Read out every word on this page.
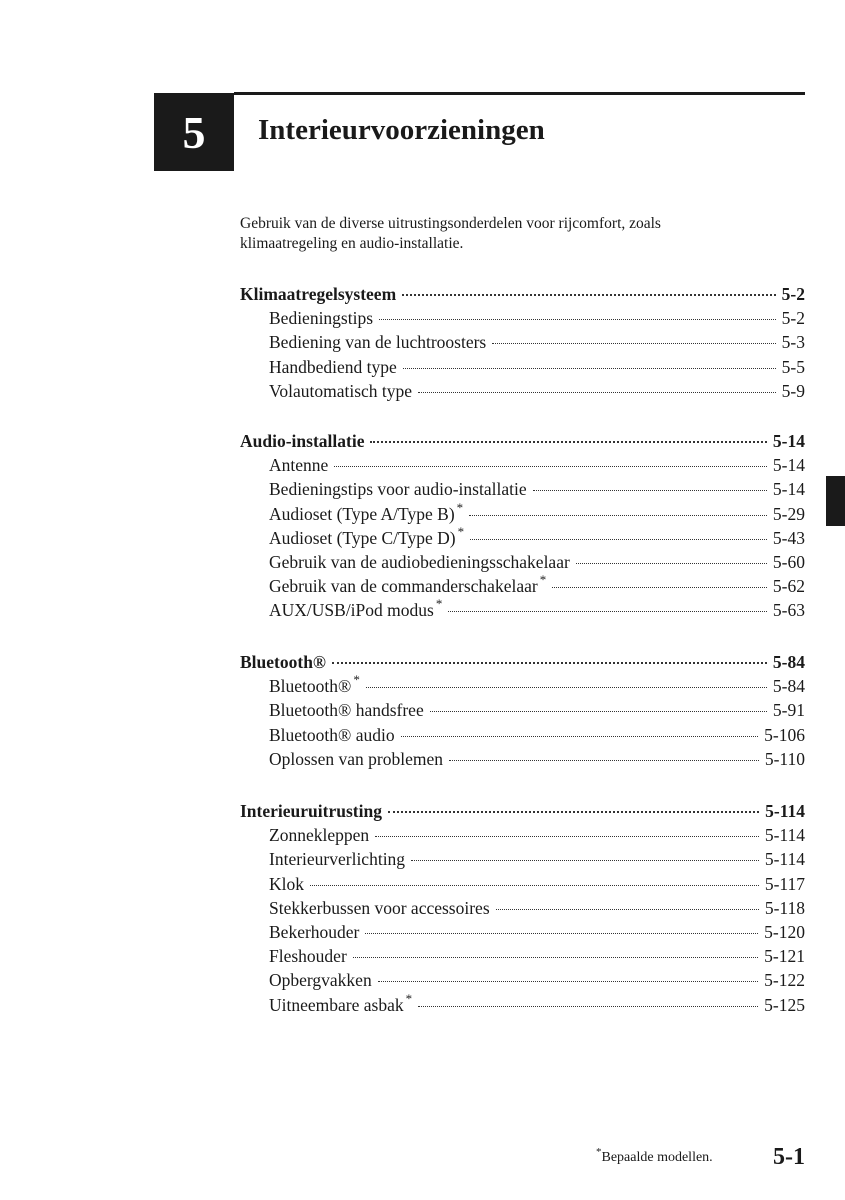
5 Interieurvoorzieningen
Gebruik van de diverse uitrustingsonderdelen voor rijcomfort, zoals
klimaatregeling en audio-installatie.
Klimaatregelsysteem	5-2
Bedieningstips	5-2
Bediening van de luchtroosters	5-3
Handbediend type	5-5
Volautomatisch type	5-9
Audio-installatie	5-14
Antenne	5-14
Bedieningstips voor audio-installatie	5-14
Audioset (Type A/Type B) *	5-29
Audioset (Type C/Type D) *	5-43
Gebruik van de audiobedieningsschakelaar	5-60
Gebruik van de commanderschakelaar *	5-62
AUX/USB/iPod modus *	5-63
Bluetooth®	5-84
Bluetooth® *	5-84
Bluetooth® handsfree	5-91
Bluetooth® audio	5-106
Oplossen van problemen	5-110
Interieuruitrusting	5-114
Zonnekleppen	5-114
Interieurverlichting	5-114
Klok	5-117
Stekkerbussen voor accessoires	5-118
Bekerhouder	5-120
Fleshouder	5-121
Opbergvakken	5-122
Uitneembare asbak *	5-125
*Bepaalde modellen.	5-1
